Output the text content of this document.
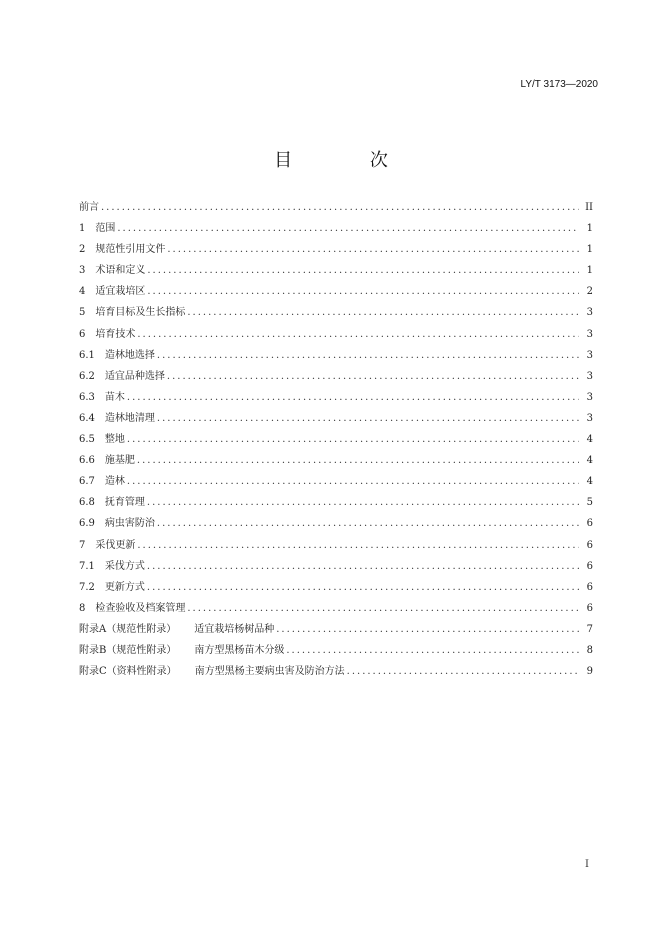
LY/T 3173—2020
目 次
前言 .....	II
1 范围 .....	1
2 规范性引用文件 .....	1
3 术语和定义 .....	1
4 适宜栽培区 .....	2
5 培育目标及生长指标 .....	3
6 培育技术 .....	3
6.1 造林地选择 .....	3
6.2 适宜品种选择 .....	3
6.3 苗木 .....	3
6.4 造林地清理 .....	3
6.5 整地 .....	4
6.6 施基肥 .....	4
6.7 造林 .....	4
6.8 抚育管理 .....	5
6.9 病虫害防治 .....	6
7 采伐更新 .....	6
7.1 采伐方式 .....	6
7.2 更新方式 .....	6
8 检查验收及档案管理 .....	6
附录A（规范性附录） 适宜栽培杨树品种 .....	7
附录B（规范性附录） 南方型黑杨苗木分级 .....	8
附录C（资料性附录） 南方型黑杨主要病虫害及防治方法 .....	9
I
